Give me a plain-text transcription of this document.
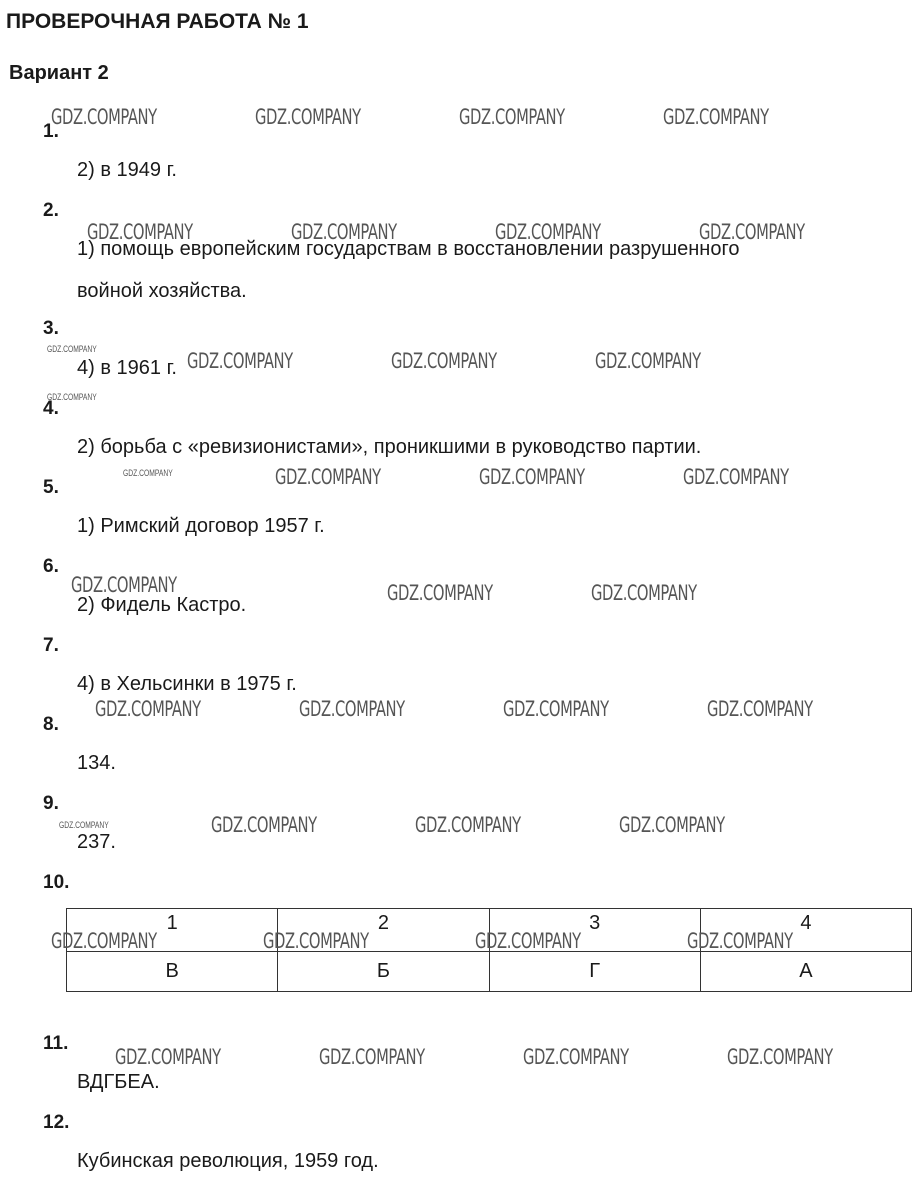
ПРОВЕРОЧНАЯ РАБОТА № 1
Вариант 2
1.
2) в 1949 г.
2.
1) помощь европейским государствам в восстановлении разрушенного
войной хозяйства.
3.
4) в 1961 г.
4.
2) борьба с «ревизионистами», проникшими в руководство партии.
5.
1) Римский договор 1957 г.
6.
2) Фидель Кастро.
7.
4) в Хельсинки в 1975 г.
8.
134.
9.
237.
10.
1	2	3	4
В	Б	Г	А
11.
ВДГБЕА.
12.
Кубинская революция, 1959 год.
GDZ.COMPANY	GDZ.COMPANY	GDZ.COMPANY	GDZ.COMPANY
GDZ.COMPANY	GDZ.COMPANY	GDZ.COMPANY	GDZ.COMPANY
GDZ.COMPANY	GDZ.COMPANY	GDZ.COMPANY
GDZ.COMPANY	GDZ.COMPANY	GDZ.COMPANY
GDZ.COMPANY	GDZ.COMPANY	GDZ.COMPANY
GDZ.COMPANY	GDZ.COMPANY	GDZ.COMPANY	GDZ.COMPANY
GDZ.COMPANY	GDZ.COMPANY	GDZ.COMPANY
GDZ.COMPANY	GDZ.COMPANY	GDZ.COMPANY	GDZ.COMPANY
GDZ.COMPANY	GDZ.COMPANY	GDZ.COMPANY	GDZ.COMPANY
GDZ.COMPANY
GDZ.COMPANY
GDZ.COMPANY
GDZ.COMPANY
